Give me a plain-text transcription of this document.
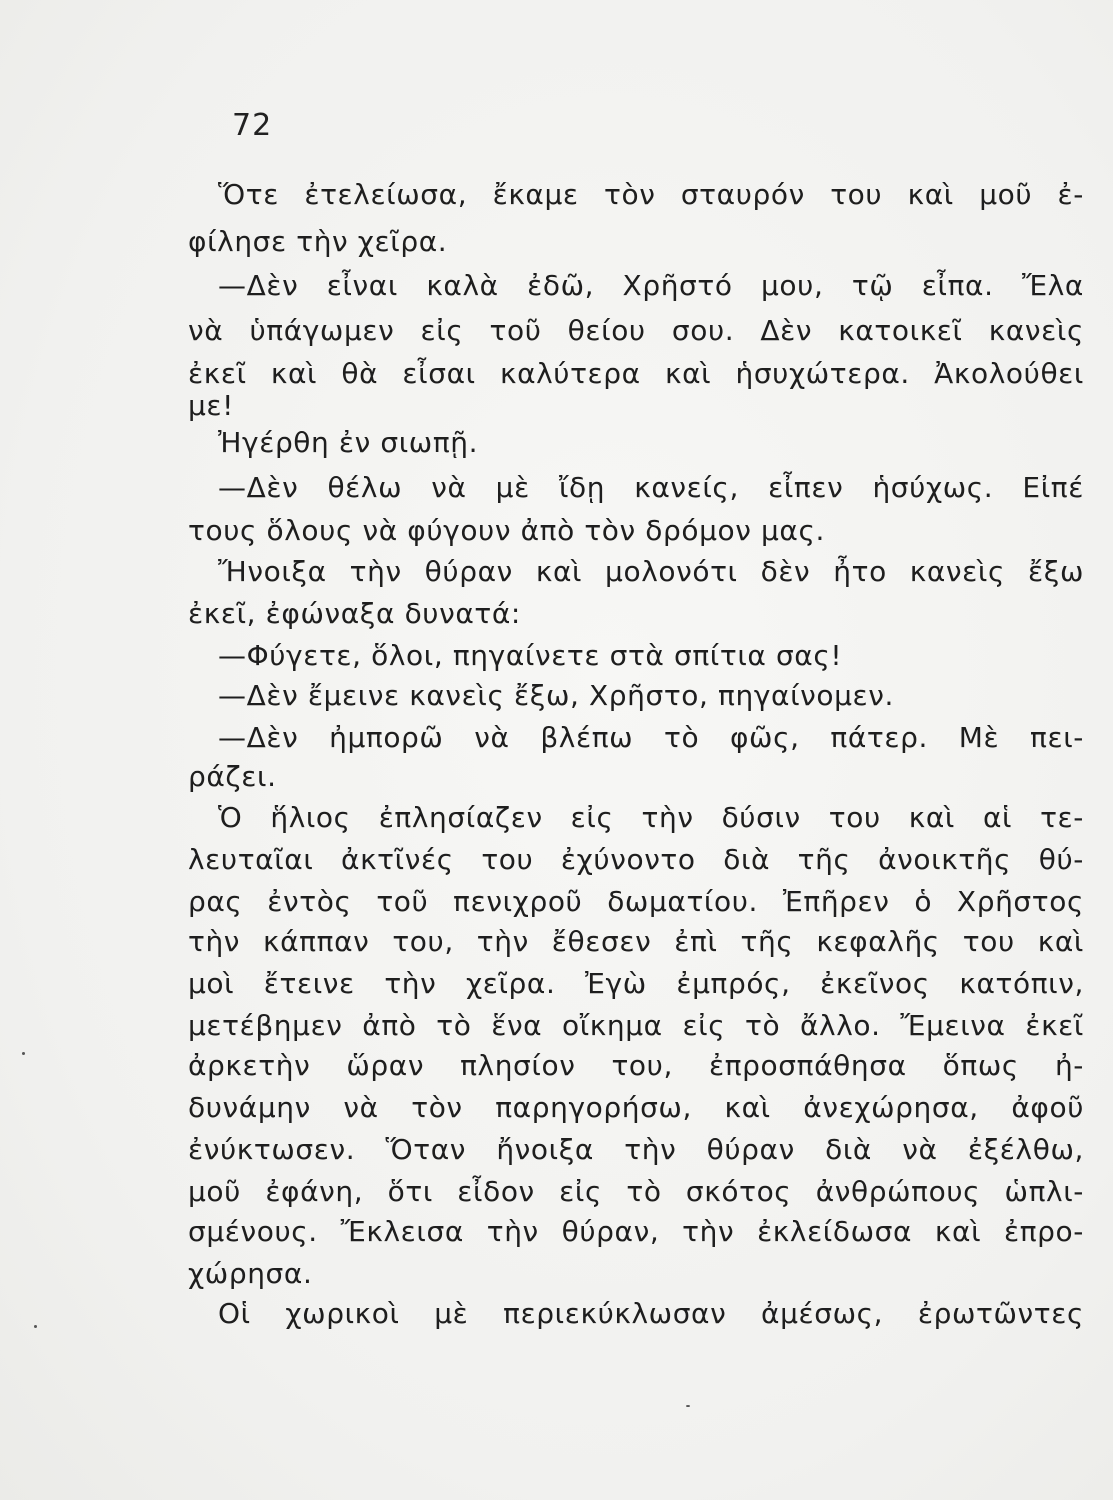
72
Ὅτε ἐτελείωσα, ἔκαμε τὸν σταυρόν του καὶ μοῦ ἐ-
φίλησε τὴν χεῖρα.
—Δὲν εἶναι καλὰ ἐδῶ, Χρῆστό μου, τῷ εἶπα. Ἔλα
νὰ ὑπάγωμεν εἰς τοῦ θείου σου. Δὲν κατοικεῖ κανεὶς
ἐκεῖ καὶ θὰ εἶσαι καλύτερα καὶ ἡσυχώτερα. Ἀκολούθει
με!
Ἠγέρθη ἐν σιωπῇ.
—Δὲν θέλω νὰ μὲ ἴδῃ κανείς, εἶπεν ἡσύχως. Εἰπέ
τους ὅλους νὰ φύγουν ἀπὸ τὸν δρόμον μας.
Ἤνοιξα τὴν θύραν καὶ μολονότι δὲν ἦτο κανεὶς ἔξω
ἐκεῖ, ἐφώναξα δυνατά:
—Φύγετε, ὅλοι, πηγαίνετε στὰ σπίτια σας!
—Δὲν ἔμεινε κανεὶς ἔξω, Χρῆστο, πηγαίνομεν.
—Δὲν ἠμπορῶ νὰ βλέπω τὸ φῶς, πάτερ. Μὲ πει-
ράζει.
Ὁ ἥλιος ἐπλησίαζεν εἰς τὴν δύσιν του καὶ αἱ τε-
λευταῖαι ἀκτῖνές του ἐχύνοντο διὰ τῆς ἀνοικτῆς θύ-
ρας ἐντὸς τοῦ πενιχροῦ δωματίου. Ἐπῆρεν ὁ Χρῆστος
τὴν κάππαν του, τὴν ἔθεσεν ἐπὶ τῆς κεφαλῆς του καὶ
μοὶ ἔτεινε τὴν χεῖρα. Ἐγὼ ἐμπρός, ἐκεῖνος κατόπιν,
μετέβημεν ἀπὸ τὸ ἕνα οἴκημα εἰς τὸ ἄλλο. Ἔμεινα ἐκεῖ
ἀρκετὴν ὥραν πλησίον του, ἐπροσπάθησα ὅπως ἠ-
δυνάμην νὰ τὸν παρηγορήσω, καὶ ἀνεχώρησα, ἀφοῦ
ἐνύκτωσεν. Ὅταν ἤνοιξα τὴν θύραν διὰ νὰ ἐξέλθω,
μοῦ ἐφάνη, ὅτι εἶδον εἰς τὸ σκότος ἀνθρώπους ὡπλι-
σμένους. Ἔκλεισα τὴν θύραν, τὴν ἐκλείδωσα καὶ ἐπρο-
χώρησα.
Οἱ χωρικοὶ μὲ περιεκύκλωσαν ἀμέσως, ἐρωτῶντες
